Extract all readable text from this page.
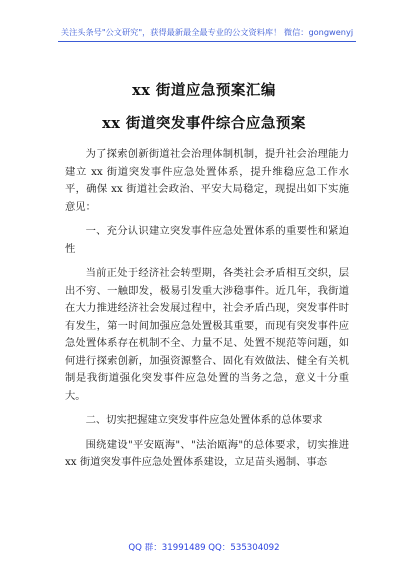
关注头条号"公文研究"，获得最新最全最专业的公文资料库！ 微信：gongwenyj
xx 街道应急预案汇编
xx 街道突发事件综合应急预案

为了探索创新街道社会治理体制机制，提升社会治理能力建立 xx 街道突发事件应急处置体系，提升维稳应急工作水平，确保 xx 街道社会政治、平安大局稳定，现提出如下实施意见：

一、充分认识建立突发事件应急处置体系的重要性和紧迫性

当前正处于经济社会转型期，各类社会矛盾相互交织，层出不穷、一触即发，极易引发重大涉稳事件。近几年，我街道在大力推进经济社会发展过程中，社会矛盾凸现，突发事件时有发生，第一时间加强应急处置极其重要，而现有突发事件应急处置体系存在机制不全、力量不足、处置不规范等问题，如何进行探索创新，加强资源整合、固化有效做法、健全有关机制是我街道强化突发事件应急处置的当务之急，意义十分重大。

二、切实把握建立突发事件应急处置体系的总体要求

围绕建设"平安瓯海"、"法治瓯海"的总体要求，切实推进 xx 街道突发事件应急处置体系建设，立足苗头遏制、事态

QQ 群：31991489 QQ：535304092
